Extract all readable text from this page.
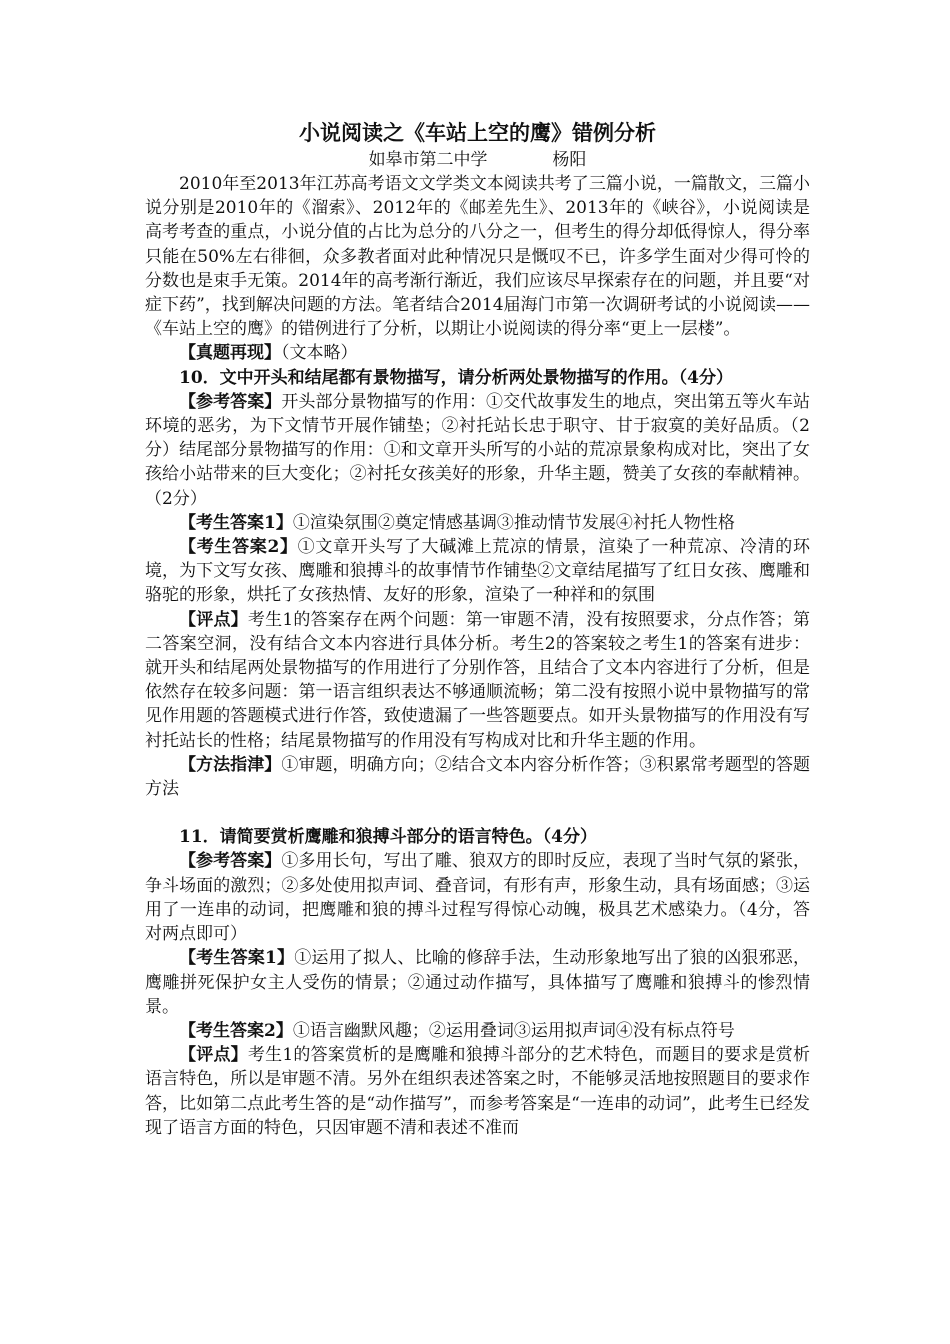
小说阅读之《车站上空的鹰》错例分析
如皋市第二中学            杨阳

2010年至2013年江苏高考语文文学类文本阅读共考了三篇小说，一篇散文，三篇小说分别是2010年的《溜索》、2012年的《邮差先生》、2013年的《峡谷》，小说阅读是高考考查的重点，小说分值的占比为总分的八分之一，但考生的得分却低得惊人，得分率只能在50%左右徘徊，众多教者面对此种情况只是慨叹不已，许多学生面对少得可怜的分数也是束手无策。2014年的高考渐行渐近，我们应该尽早探索存在的问题，并且要“对症下药”，找到解决问题的方法。笔者结合2014届海门市第一次调研考试的小说阅读——《车站上空的鹰》的错例进行了分析，以期让小说阅读的得分率“更上一层楼”。

【真题再现】（文本略）

10．文中开头和结尾都有景物描写，请分析两处景物描写的作用。（4分）

【参考答案】开头部分景物描写的作用：①交代故事发生的地点，突出第五等火车站环境的恶劣，为下文情节开展作铺垫；②衬托站长忠于职守、甘于寂寞的美好品质。（2分）结尾部分景物描写的作用：①和文章开头所写的小站的荒凉景象构成对比，突出了女孩给小站带来的巨大变化；②衬托女孩美好的形象，升华主题，赞美了女孩的奉献精神。（2分）

【考生答案1】①渲染氛围②奠定情感基调③推动情节发展④衬托人物性格

【考生答案2】①文章开头写了大碱滩上荒凉的情景，渲染了一种荒凉、冷清的环境，为下文写女孩、鹰雕和狼搏斗的故事情节作铺垫②文章结尾描写了红日女孩、鹰雕和骆驼的形象，烘托了女孩热情、友好的形象，渲染了一种祥和的氛围

【评点】考生1的答案存在两个问题：第一审题不清，没有按照要求，分点作答；第二答案空洞，没有结合文本内容进行具体分析。考生2的答案较之考生1的答案有进步：就开头和结尾两处景物描写的作用进行了分别作答，且结合了文本内容进行了分析，但是依然存在较多问题：第一语言组织表达不够通顺流畅；第二没有按照小说中景物描写的常见作用题的答题模式进行作答，致使遗漏了一些答题要点。如开头景物描写的作用没有写衬托站长的性格；结尾景物描写的作用没有写构成对比和升华主题的作用。

【方法指津】①审题，明确方向；②结合文本内容分析作答；③积累常考题型的答题方法

11．请简要赏析鹰雕和狼搏斗部分的语言特色。（4分）

【参考答案】①多用长句，写出了雕、狼双方的即时反应，表现了当时气氛的紧张，争斗场面的激烈；②多处使用拟声词、叠音词，有形有声，形象生动，具有场面感；③运用了一连串的动词，把鹰雕和狼的搏斗过程写得惊心动魄，极具艺术感染力。（4分，答对两点即可）

【考生答案1】①运用了拟人、比喻的修辞手法，生动形象地写出了狼的凶狠邪恶，鹰雕拼死保护女主人受伤的情景；②通过动作描写，具体描写了鹰雕和狼搏斗的惨烈情景。

【考生答案2】①语言幽默风趣；②运用叠词③运用拟声词④没有标点符号

【评点】考生1的答案赏析的是鹰雕和狼搏斗部分的艺术特色，而题目的要求是赏析语言特色，所以是审题不清。另外在组织表述答案之时，不能够灵活地按照题目的要求作答，比如第二点此考生答的是“动作描写”，而参考答案是“一连串的动词”，此考生已经发现了语言方面的特色，只因审题不清和表述不准而
